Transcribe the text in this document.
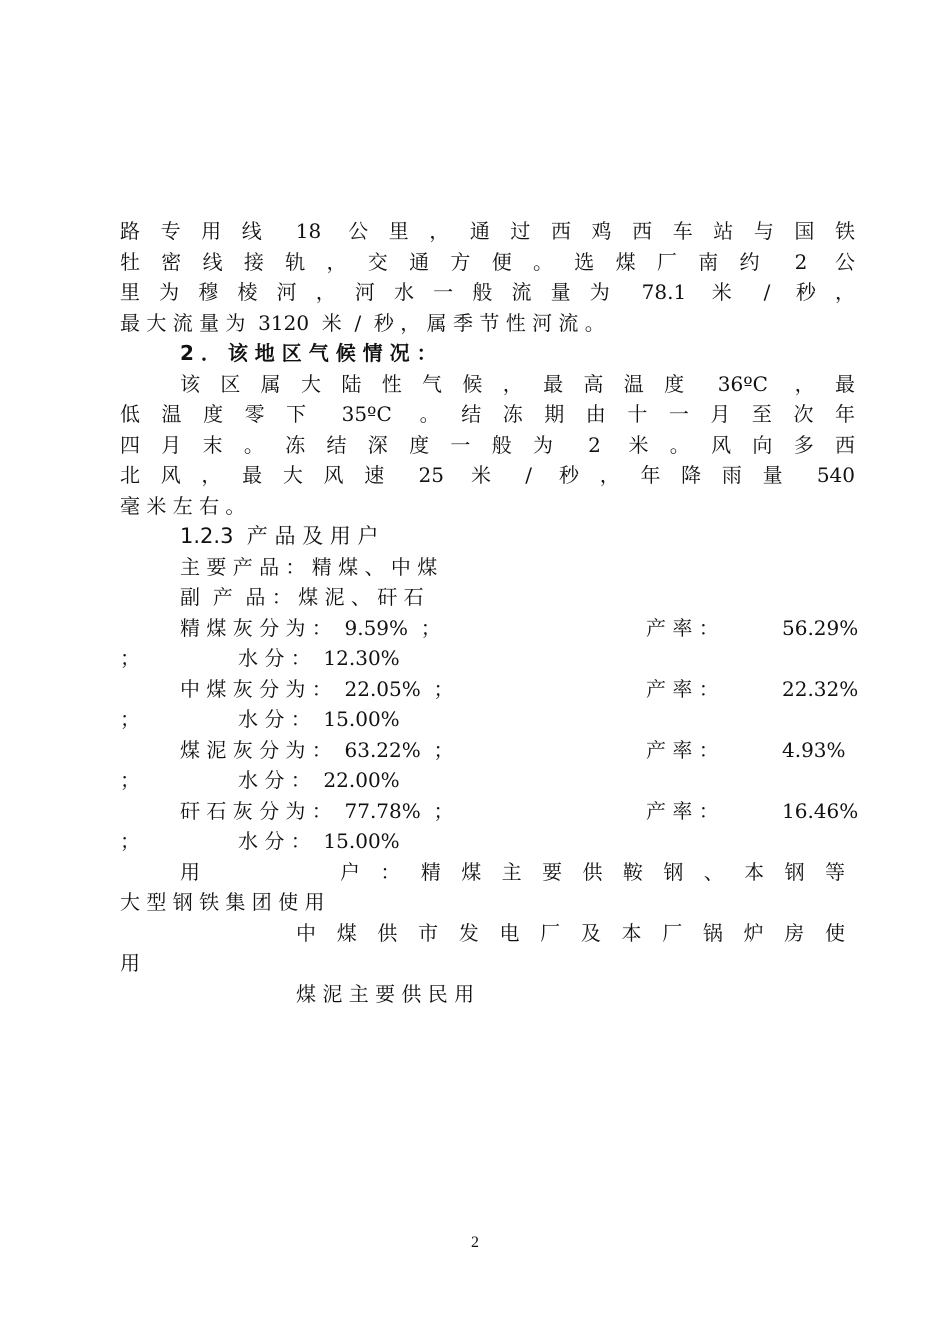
路 专 用 线  18  公 里 ， 通 过 西 鸡 西 车 站 与 国 铁
牡 密 线 接 轨 ， 交 通 方 便 。 选 煤 厂 南 约  2  公
里 为 穆 棱 河 ， 河 水 一 般 流 量 为  78.1  米  /  秒 ，
最 大 流 量 为  3120  米  /  秒 ， 属 季 节 性 河 流 。
2 ． 该 地 区 气 候 情 况 ：
该 区 属 大 陆 性 气 候 ， 最 高 温 度  36ºC  ， 最
低 温 度 零 下  35ºC  。 结 冻 期 由 十 一 月 至 次 年
四 月 末 。 冻 结 深 度 一 般 为  2  米 。 风 向 多 西
北 风 ， 最 大 风 速  25  米  /  秒 ， 年 降 雨 量  540
毫 米 左 右 。
1.2.3  产 品 及 用 户
主 要 产 品 ： 精 煤 、 中 煤
副  产  品 ： 煤 泥 、 矸 石
精 煤 灰 分 为 ：  9.59%  ；	产 率 ：	56.29%
；	水 分 ：  12.30%
中 煤 灰 分 为 ：  22.05%  ；	产 率 ：	22.32%
；	水 分 ：  15.00%
煤 泥 灰 分 为 ：  63.22%  ；	产 率 ：	4.93%
；	水 分 ：  22.00%
矸 石 灰 分 为 ：  77.78%  ；	产 率 ：	16.46%
；	水 分 ：  15.00%
用	户 ： 精 煤 主 要 供 鞍 钢 、 本 钢 等
大 型 钢 铁 集 团 使 用
中 煤 供 市 发 电 厂 及 本 厂 锅 炉 房 使
用
煤 泥 主 要 供 民 用
2
